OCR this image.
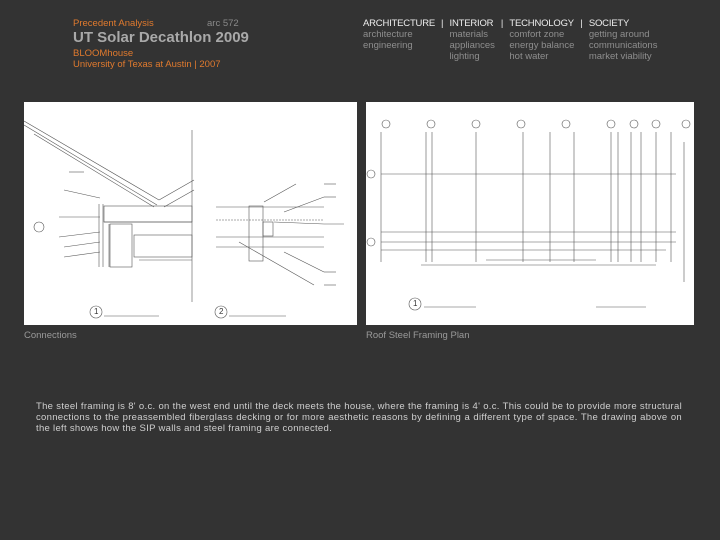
Precedent Analysis	arc 572
UT Solar Decathlon 2009
BLOOMhouse
University of Texas at Austin | 2007
ARCHITECTURE
architecture
engineering
| INTERIOR
materials
appliances
lighting
| TECHNOLOGY
comfort zone
energy balance
hot water
| SOCIETY
getting around
communications
market viability
1	2
Connections
1
Roof Steel Framing Plan

The steel framing is 8' o.c. on the west end until the deck meets the house, where the framing is 4' o.c. This could be to provide more structural connections to the preassembled fiberglass decking or for more aesthetic reasons by defining a different type of space. The drawing above on the left shows how the SIP walls and steel framing are connected.
